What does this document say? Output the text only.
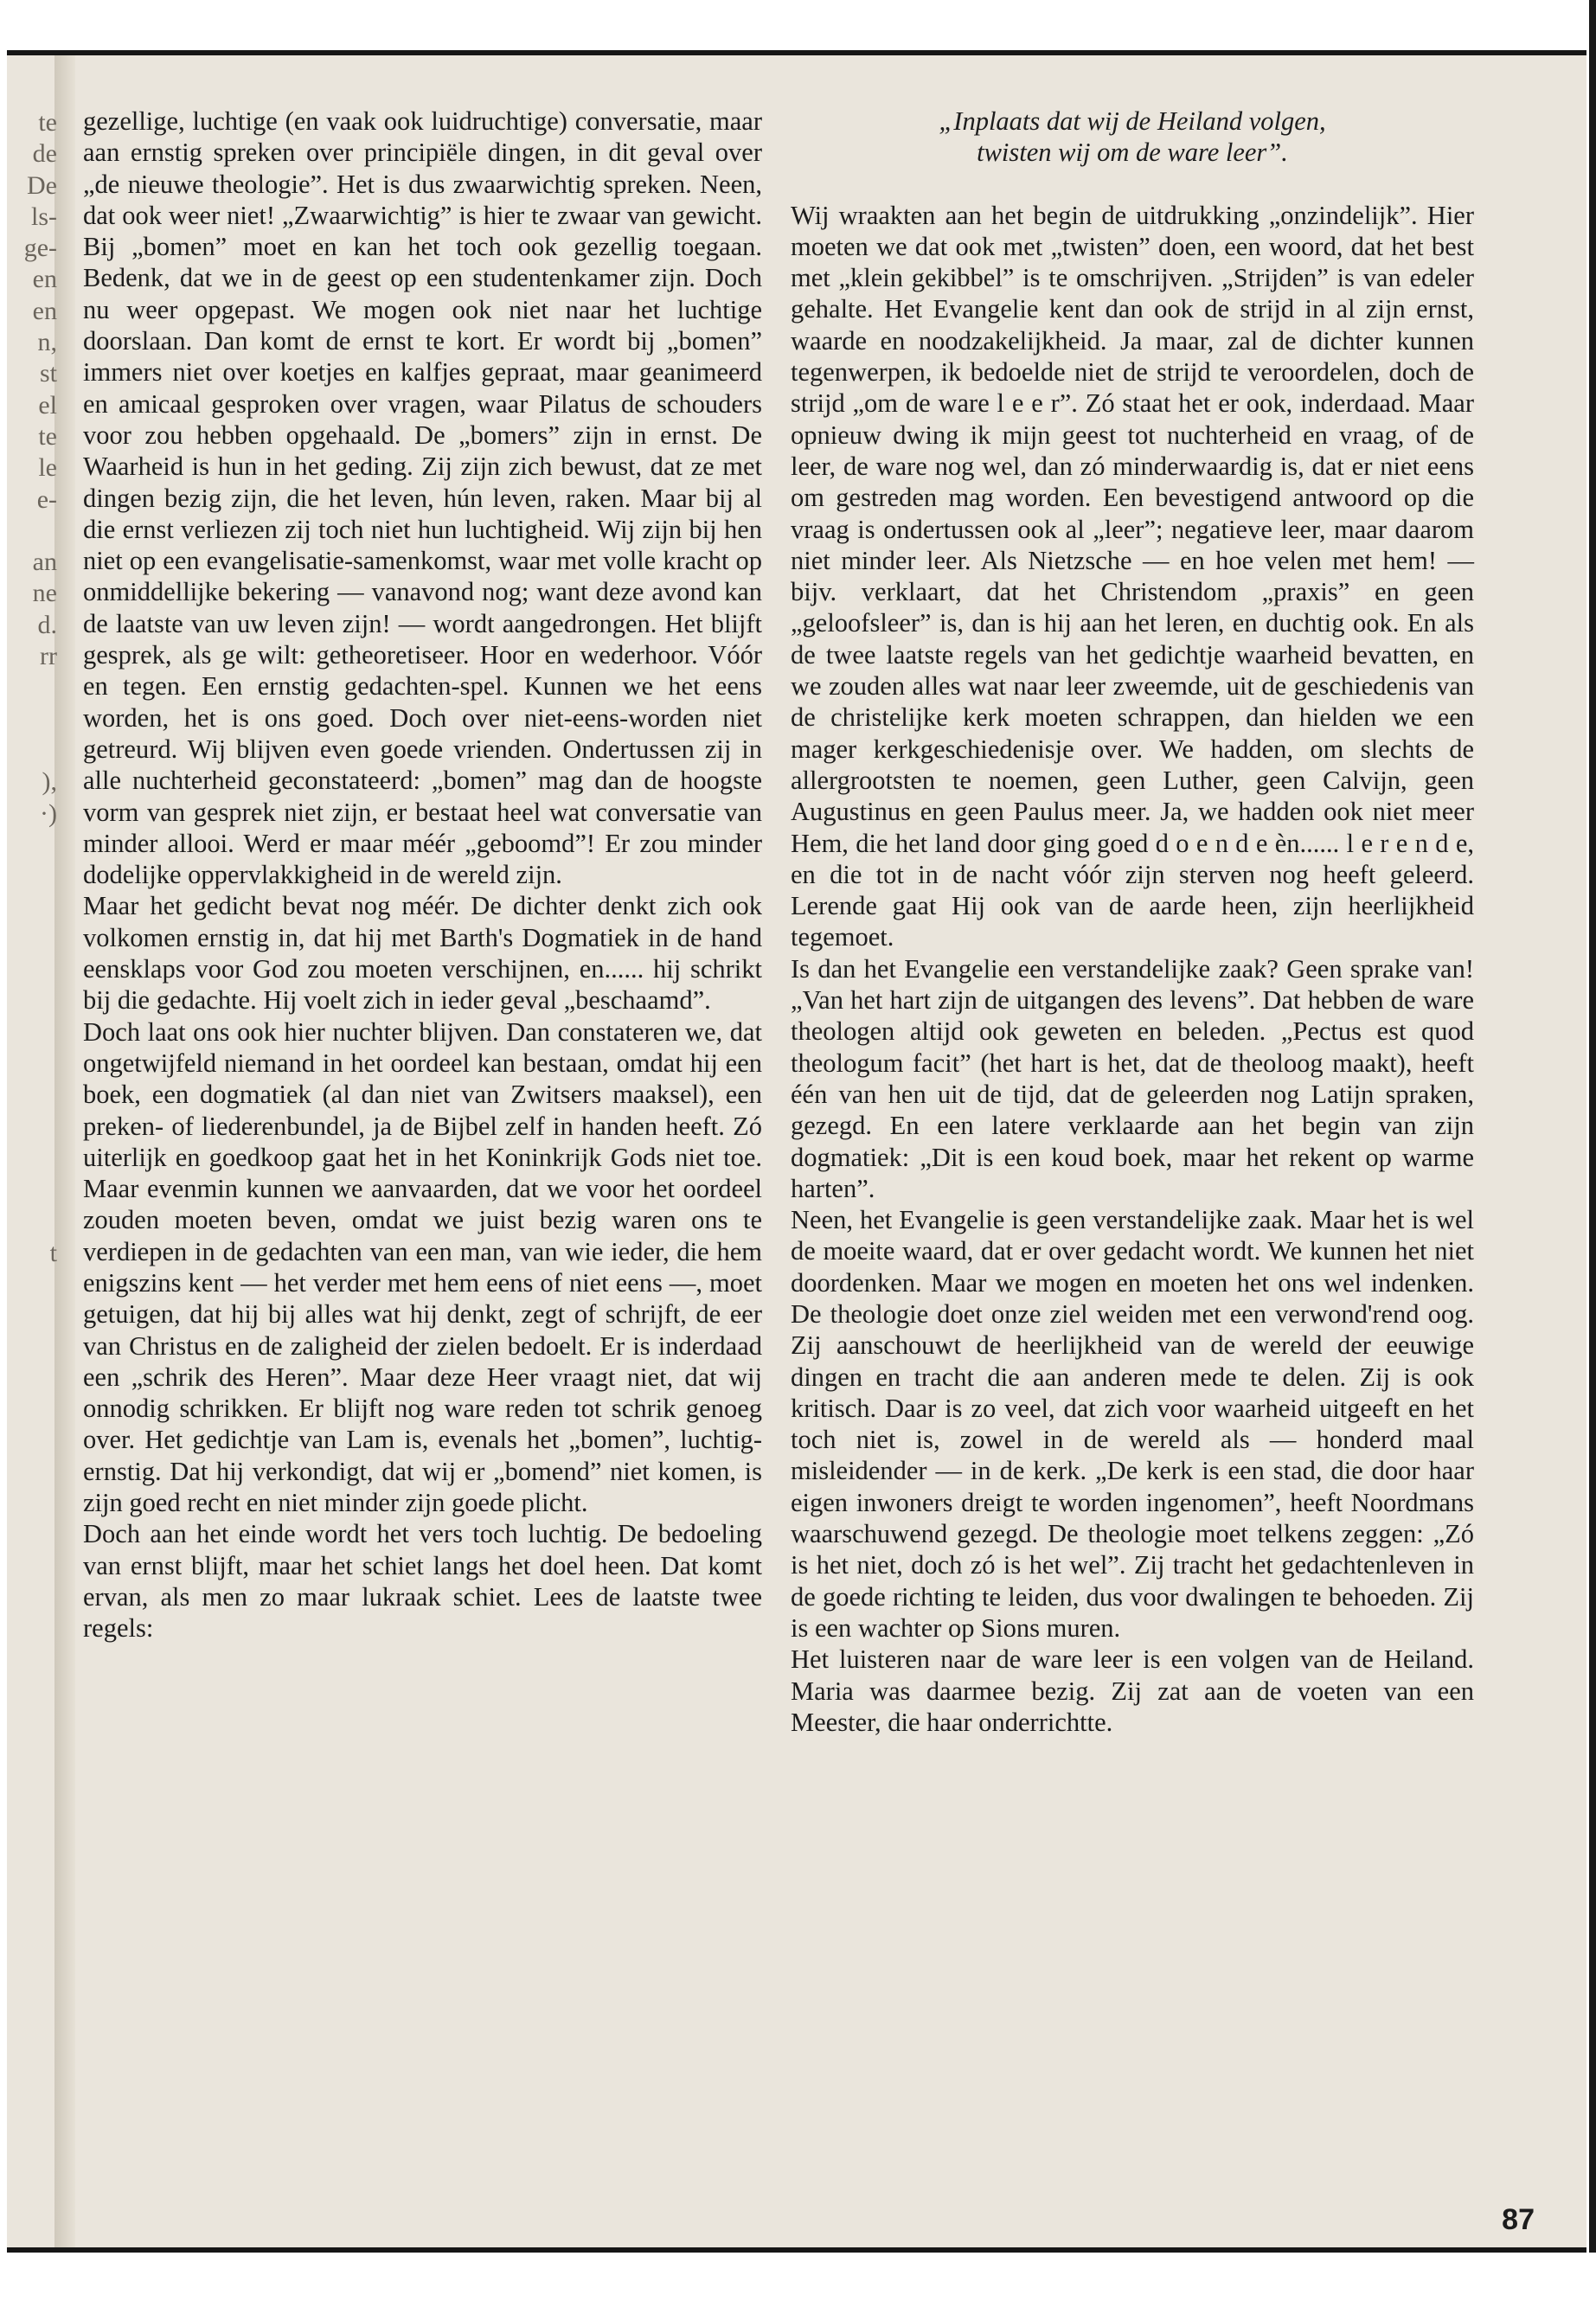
te
de
De
ls-
ge-
en
en
n,
st
el
te
le
e-
an
ne
d.
rr
),
·)
t

gezellige, luchtige (en vaak ook luidruchtige) conversatie, maar aan ernstig spreken over principiële dingen, in dit geval over „de nieuwe theologie”. Het is dus zwaarwichtig spreken. Neen, dat ook weer niet! „Zwaarwichtig” is hier te zwaar van gewicht. Bij „bomen” moet en kan het toch ook gezellig toegaan. Bedenk, dat we in de geest op een studentenkamer zijn. Doch nu weer opgepast. We mogen ook niet naar het luchtige doorslaan. Dan komt de ernst te kort. Er wordt bij „bomen” immers niet over koetjes en kalfjes gepraat, maar geanimeerd en amicaal gesproken over vragen, waar Pilatus de schouders voor zou hebben opgehaald. De „bomers” zijn in ernst. De Waarheid is hun in het geding. Zij zijn zich bewust, dat ze met dingen bezig zijn, die het leven, hún leven, raken. Maar bij al die ernst verliezen zij toch niet hun luchtigheid. Wij zijn bij hen niet op een evangelisatie-samenkomst, waar met volle kracht op onmiddellijke bekering — vanavond nog; want deze avond kan de laatste van uw leven zijn! — wordt aangedrongen. Het blijft gesprek, als ge wilt: getheoretiseer. Hoor en wederhoor. Vóór en tegen. Een ernstig gedachten-spel. Kunnen we het eens worden, het is ons goed. Doch over niet-eens-worden niet getreurd. Wij blijven even goede vrienden. Ondertussen zij in alle nuchterheid geconstateerd: „bomen” mag dan de hoogste vorm van gesprek niet zijn, er bestaat heel wat conversatie van minder allooi. Werd er maar méér „geboomd”! Er zou minder dodelijke oppervlakkigheid in de wereld zijn.

Maar het gedicht bevat nog méér. De dichter denkt zich ook volkomen ernstig in, dat hij met Barth's Dogmatiek in de hand eensklaps voor God zou moeten verschijnen, en...... hij schrikt bij die gedachte. Hij voelt zich in ieder geval „beschaamd”.

Doch laat ons ook hier nuchter blijven. Dan constateren we, dat ongetwijfeld niemand in het oordeel kan bestaan, omdat hij een boek, een dogmatiek (al dan niet van Zwitsers maaksel), een preken- of liederenbundel, ja de Bijbel zelf in handen heeft. Zó uiterlijk en goedkoop gaat het in het Koninkrijk Gods niet toe. Maar evenmin kunnen we aanvaarden, dat we voor het oordeel zouden moeten beven, omdat we juist bezig waren ons te verdiepen in de gedachten van een man, van wie ieder, die hem enigszins kent — het verder met hem eens of niet eens —, moet getuigen, dat hij bij alles wat hij denkt, zegt of schrijft, de eer van Christus en de zaligheid der zielen bedoelt. Er is inderdaad een „schrik des Heren”. Maar deze Heer vraagt niet, dat wij onnodig schrikken. Er blijft nog ware reden tot schrik genoeg over. Het gedichtje van Lam is, evenals het „bomen”, luchtig-ernstig. Dat hij verkondigt, dat wij er „bomend” niet komen, is zijn goed recht en niet minder zijn goede plicht.

Doch aan het einde wordt het vers toch luchtig. De bedoeling van ernst blijft, maar het schiet langs het doel heen. Dat komt ervan, als men zo maar lukraak schiet. Lees de laatste twee regels:

„Inplaats dat wij de Heiland volgen,
twisten wij om de ware leer”.

Wij wraakten aan het begin de uitdrukking „onzindelijk”. Hier moeten we dat ook met „twisten” doen, een woord, dat het best met „klein gekibbel” is te omschrijven. „Strijden” is van edeler gehalte. Het Evangelie kent dan ook de strijd in al zijn ernst, waarde en noodzakelijkheid. Ja maar, zal de dichter kunnen tegenwerpen, ik bedoelde niet de strijd te veroordelen, doch de strijd „om de ware l e e r”. Zó staat het er ook, inderdaad. Maar opnieuw dwing ik mijn geest tot nuchterheid en vraag, of de leer, de ware nog wel, dan zó minderwaardig is, dat er niet eens om gestreden mag worden. Een bevestigend antwoord op die vraag is ondertussen ook al „leer”; negatieve leer, maar daarom niet minder leer. Als Nietzsche — en hoe velen met hem! — bijv. verklaart, dat het Christendom „praxis” en geen „geloofsleer” is, dan is hij aan het leren, en duchtig ook. En als de twee laatste regels van het gedichtje waarheid bevatten, en we zouden alles wat naar leer zweemde, uit de geschiedenis van de christelijke kerk moeten schrappen, dan hielden we een mager kerkgeschiedenisje over. We hadden, om slechts de allergrootsten te noemen, geen Luther, geen Calvijn, geen Augustinus en geen Paulus meer. Ja, we hadden ook niet meer Hem, die het land door ging goed d o e n d e èn...... l e r e n d e, en die tot in de nacht vóór zijn sterven nog heeft geleerd. Lerende gaat Hij ook van de aarde heen, zijn heerlijkheid tegemoet.

Is dan het Evangelie een verstandelijke zaak? Geen sprake van! „Van het hart zijn de uitgangen des levens”. Dat hebben de ware theologen altijd ook geweten en beleden. „Pectus est quod theologum facit” (het hart is het, dat de theoloog maakt), heeft één van hen uit de tijd, dat de geleerden nog Latijn spraken, gezegd. En een latere verklaarde aan het begin van zijn dogmatiek: „Dit is een koud boek, maar het rekent op warme harten”.

Neen, het Evangelie is geen verstandelijke zaak. Maar het is wel de moeite waard, dat er over gedacht wordt. We kunnen het niet doordenken. Maar we mogen en moeten het ons wel indenken. De theologie doet onze ziel weiden met een verwond'rend oog. Zij aanschouwt de heerlijkheid van de wereld der eeuwige dingen en tracht die aan anderen mede te delen. Zij is ook kritisch. Daar is zo veel, dat zich voor waarheid uitgeeft en het toch niet is, zowel in de wereld als — honderd maal misleidender — in de kerk. „De kerk is een stad, die door haar eigen inwoners dreigt te worden ingenomen”, heeft Noordmans waarschuwend gezegd. De theologie moet telkens zeggen: „Zó is het niet, doch zó is het wel”. Zij tracht het gedachtenleven in de goede richting te leiden, dus voor dwalingen te behoeden. Zij is een wachter op Sions muren.

Het luisteren naar de ware leer is een volgen van de Heiland. Maria was daarmee bezig. Zij zat aan de voeten van een Meester, die haar onderrichtte.

87
